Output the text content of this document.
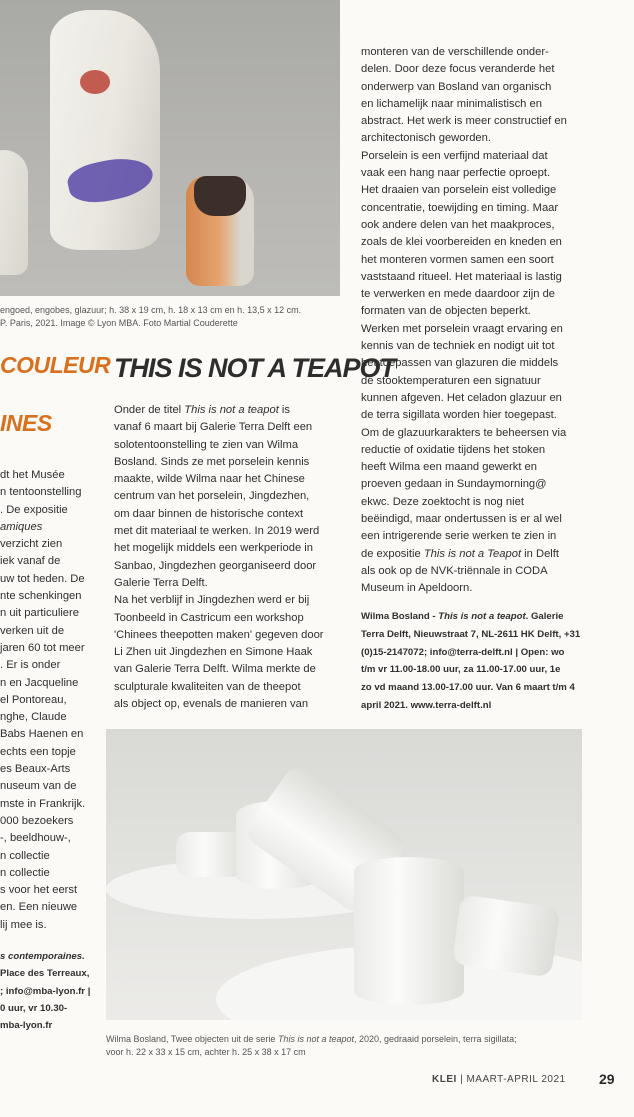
engoed, engobes, glazuur; h. 38 x 19 cm, h. 18 x 13 cm en h. 13,5 x 12 cm.
P. Paris, 2021. Image © Lyon MBA. Foto Martial Couderette
COULEUR
INES
THIS IS NOT A TEAPOT
dt het Musée
n tentoonstelling
. De expositie
amiques
verzicht zien
iek vanaf de
uw tot heden. De
nte schenkingen
n uit particuliere
verken uit de
jaren 60 tot meer
. Er is onder
n en Jacqueline
el Pontoreau,
nghe, Claude
Babs Haenen en
echts een topje
es Beaux-Arts
nuseum van de
mste in Frankrijk.
000 bezoekers
-, beeldhouw-,
n collectie
n collectie
s voor het eerst
en. Een nieuwe
lij mee is.
s contemporaines.
Place des Terreaux,
; info@mba-lyon.fr |
0 uur, vr 10.30-
mba-lyon.fr
Onder de titel This is not a teapot is
vanaf 6 maart bij Galerie Terra Delft een
solotentoonstelling te zien van Wilma
Bosland. Sinds ze met porselein kennis
maakte, wilde Wilma naar het Chinese
centrum van het porselein, Jingdezhen,
om daar binnen de historische context
met dit materiaal te werken. In 2019 werd
het mogelijk middels een werkperiode in
Sanbao, Jingdezhen georganiseerd door
Galerie Terra Delft.
Na het verblijf in Jingdezhen werd er bij
Toonbeeld in Castricum een workshop
'Chinees theepotten maken' gegeven door
Li Zhen uit Jingdezhen en Simone Haak
van Galerie Terra Delft. Wilma merkte de
sculpturale kwaliteiten van de theepot
als object op, evenals de manieren van
monteren van de verschillende onder-
delen. Door deze focus veranderde het
onderwerp van Bosland van organisch
en lichamelijk naar minimalistisch en
abstract. Het werk is meer constructief en
architectonisch geworden.
Porselein is een verfijnd materiaal dat
vaak een hang naar perfectie oproept.
Het draaien van porselein eist volledige
concentratie, toewijding en timing. Maar
ook andere delen van het maakproces,
zoals de klei voorbereiden en kneden en
het monteren vormen samen een soort
vaststaand ritueel. Het materiaal is lastig
te verwerken en mede daardoor zijn de
formaten van de objecten beperkt.
Werken met porselein vraagt ervaring en
kennis van de techniek en nodigt uit tot
het toepassen van glazuren die middels
de stooktemperaturen een signatuur
kunnen afgeven. Het celadon glazuur en
de terra sigillata worden hier toegepast.
Om de glazuurkarakters te beheersen via
reductie of oxidatie tijdens het stoken
heeft Wilma een maand gewerkt en
proeven gedaan in Sundaymorning@
ekwc. Deze zoektocht is nog niet
beëindigd, maar ondertussen is er al wel
een intrigerende serie werken te zien in
de expositie This is not a Teapot in Delft
als ook op de NVK-triënnale in CODA
Museum in Apeldoorn.
Wilma Bosland - This is not a teapot. Galerie
Terra Delft, Nieuwstraat 7, NL-2611 HK Delft, +31
(0)15-2147072; info@terra-delft.nl | Open: wo
t/m vr 11.00-18.00 uur, za 11.00-17.00 uur, 1e
zo vd maand 13.00-17.00 uur. Van 6 maart t/m 4
april 2021. www.terra-delft.nl
Wilma Bosland, Twee objecten uit de serie This is not a teapot, 2020, gedraaid porselein, terra sigillata;
voor h. 22 x 33 x 15 cm, achter h. 25 x 38 x 17 cm
KLEI | MAART-APRIL 2021 29
